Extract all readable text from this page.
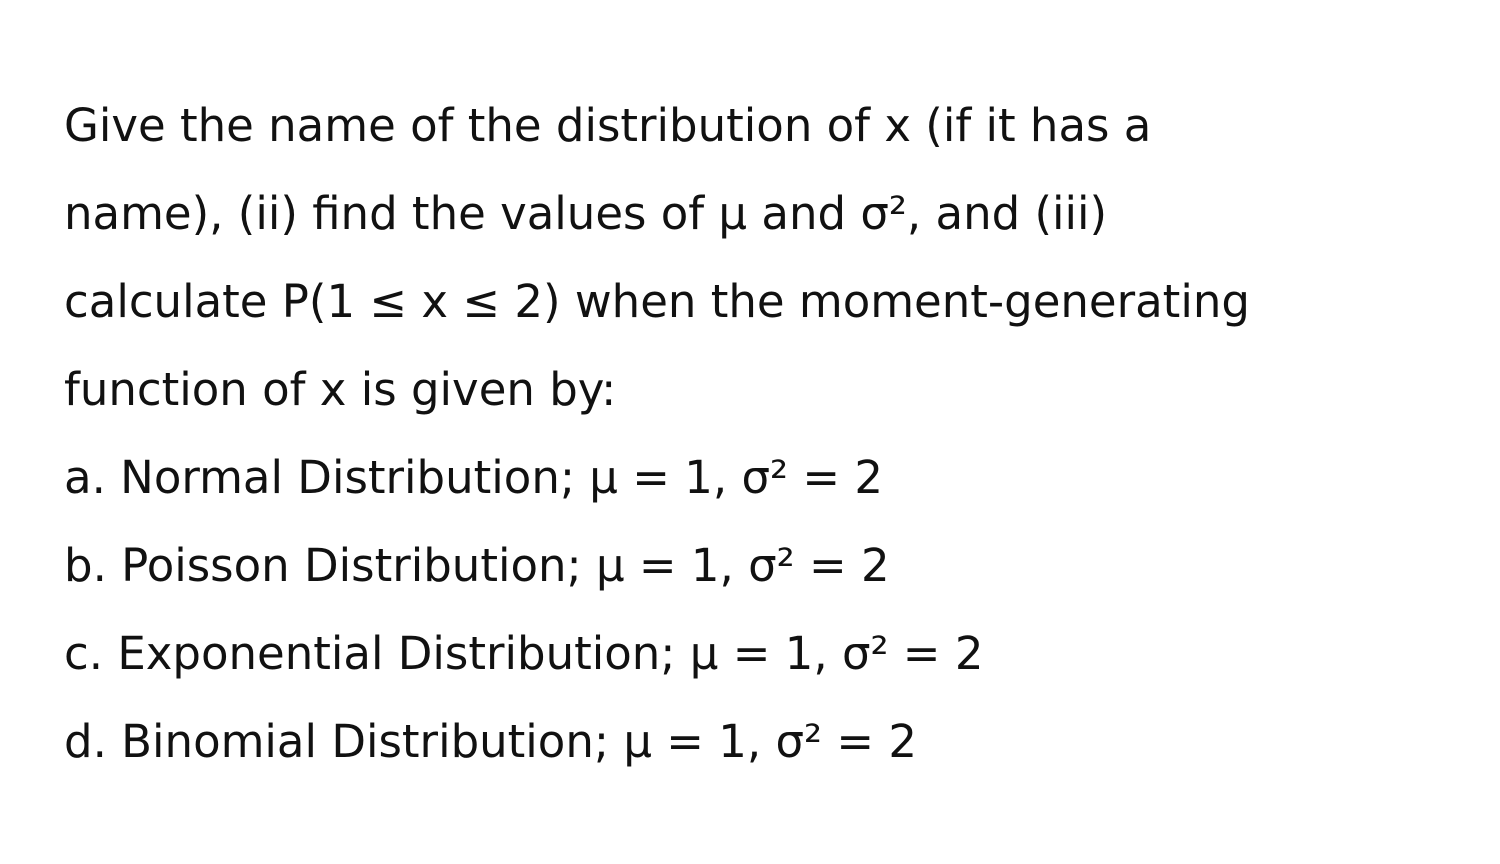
Give the name of the distribution of x (if it has a
name), (ii) find the values of μ and σ², and (iii)
calculate P(1 ≤ x ≤ 2) when the moment-generating
function of x is given by:
a. Normal Distribution; μ = 1, σ² = 2
b. Poisson Distribution; μ = 1, σ² = 2
c. Exponential Distribution; μ = 1, σ² = 2
d. Binomial Distribution; μ = 1, σ² = 2
